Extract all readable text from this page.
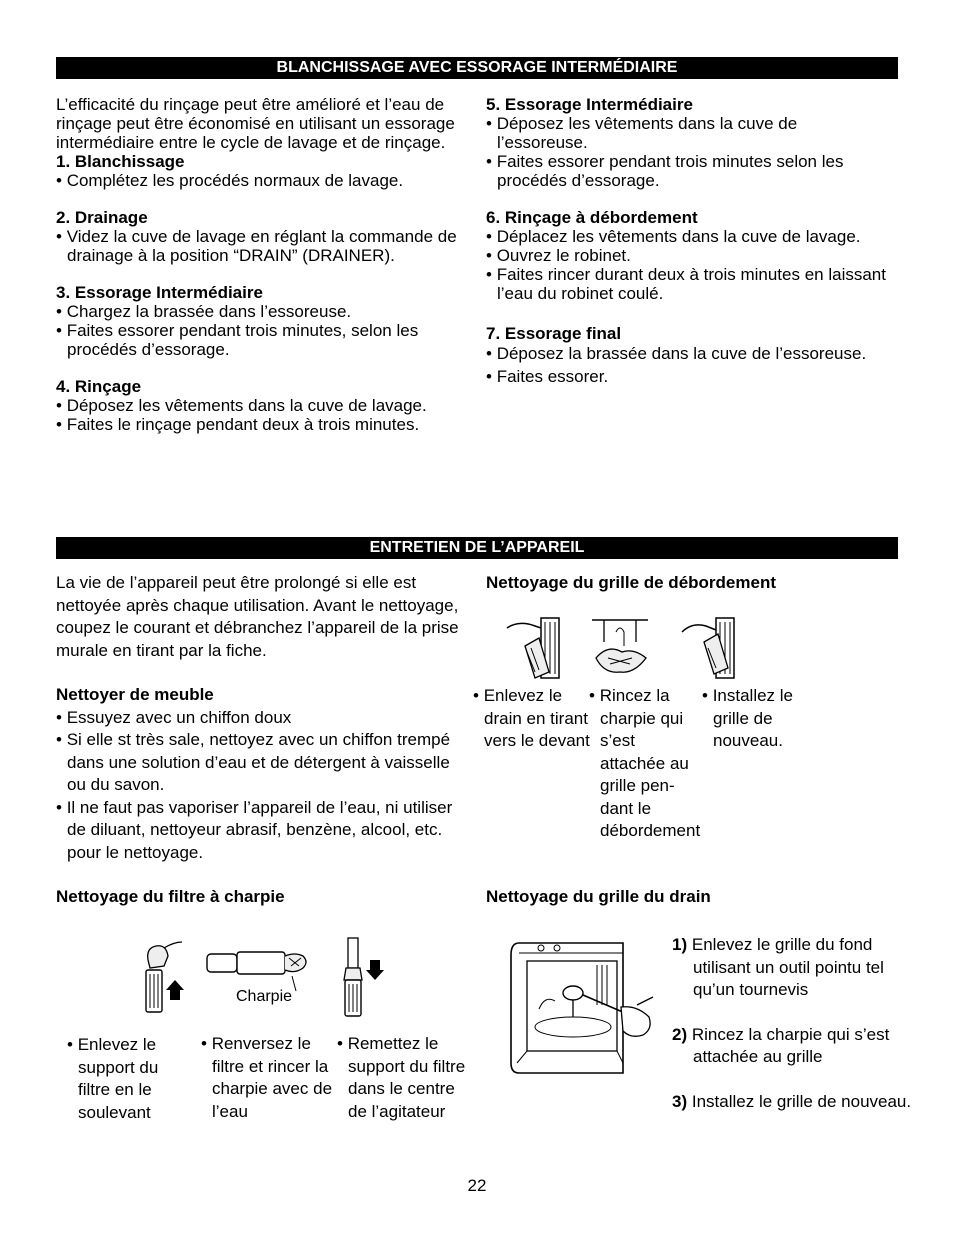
BLANCHISSAGE AVEC ESSORAGE INTERMÉDIAIRE

L’efficacité du rinçage peut être amélioré et l’eau de rinçage peut être économisé en utilisant un essorage intermédiaire entre le cycle de lavage et de rinçage.

1. Blanchissage

• Complétez les procédés normaux de lavage.

2. Drainage

• Videz la cuve de lavage en réglant la commande de drainage à la position “DRAIN” (DRAINER).

3. Essorage Intermédiaire

• Chargez la brassée dans l’essoreuse.

• Faites essorer pendant trois minutes, selon les procédés d’essorage.

4. Rinçage

• Déposez les vêtements dans la cuve de lavage.

• Faites le rinçage pendant deux à trois minutes.

5. Essorage Intermédiaire

• Déposez les vêtements dans la cuve de l’essoreuse.

• Faites essorer pendant trois minutes selon les procédés d’essorage.

6. Rinçage à débordement

• Déplacez les vêtements dans la cuve de lavage.

• Ouvrez le robinet.

• Faites rincer durant deux à trois minutes en laissant l’eau du robinet coulé.

7. Essorage final

• Déposez la brassée dans la cuve de l’essoreuse.

• Faites essorer.

ENTRETIEN DE L’APPAREIL
La vie de l’appareil peut être prolongé si elle est nettoyée après chaque utilisation. Avant le nettoyage, coupez le courant et débranchez l’appareil de la prise murale en tirant par la fiche.

Nettoyer de meuble

• Essuyez avec un chiffon doux

• Si elle st très sale, nettoyez avec un chiffon trempé dans une solution d’eau et de détergent à vaisselle ou du savon.

• Il ne faut pas vaporiser l’appareil de l’eau, ni utiliser de diluant, nettoyeur abrasif, benzène, alcool, etc. pour le nettoyage.

Nettoyage du grille de débordement
• Enlevez le drain en tirant vers le devant
• Rincez la charpie qui s’est attachée au grille pen- dant le débordement
• Installez le grille de nouveau.
Nettoyage du filtre à charpie
Charpie
• Enlevez le support du filtre en le soulevant
• Renversez le filtre et rincer la charpie avec de l’eau
• Remettez le support du filtre dans le centre de l’agitateur
Nettoyage du grille du drain
1) Enlevez le grille du fond utilisant un outil pointu tel qu’un tournevis
2) Rincez la charpie qui s’est attachée au grille
3) Installez le grille de nouveau.
22
